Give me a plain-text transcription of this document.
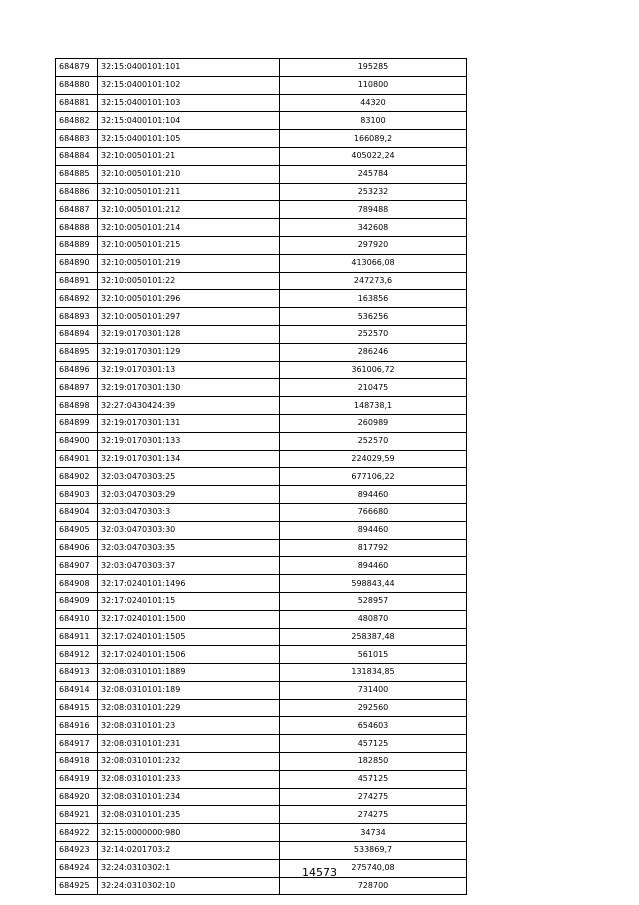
684879	32:15:0400101:101	195285
684880	32:15:0400101:102	110800
684881	32:15:0400101:103	44320
684882	32:15:0400101:104	83100
684883	32:15:0400101:105	166089,2
684884	32:10:0050101:21	405022,24
684885	32:10:0050101:210	245784
684886	32:10:0050101:211	253232
684887	32:10:0050101:212	789488
684888	32:10:0050101:214	342608
684889	32:10:0050101:215	297920
684890	32:10:0050101:219	413066,08
684891	32:10:0050101:22	247273,6
684892	32:10:0050101:296	163856
684893	32:10:0050101:297	536256
684894	32:19:0170301:128	252570
684895	32:19:0170301:129	286246
684896	32:19:0170301:13	361006,72
684897	32:19:0170301:130	210475
684898	32:27:0430424:39	148738,1
684899	32:19:0170301:131	260989
684900	32:19:0170301:133	252570
684901	32:19:0170301:134	224029,59
684902	32:03:0470303:25	677106,22
684903	32:03:0470303:29	894460
684904	32:03:0470303:3	766680
684905	32:03:0470303:30	894460
684906	32:03:0470303:35	817792
684907	32:03:0470303:37	894460
684908	32:17:0240101:1496	598843,44
684909	32:17:0240101:15	528957
684910	32:17:0240101:1500	480870
684911	32:17:0240101:1505	258387,48
684912	32:17:0240101:1506	561015
684913	32:08:0310101:1889	131834,85
684914	32:08:0310101:189	731400
684915	32:08:0310101:229	292560
684916	32:08:0310101:23	654603
684917	32:08:0310101:231	457125
684918	32:08:0310101:232	182850
684919	32:08:0310101:233	457125
684920	32:08:0310101:234	274275
684921	32:08:0310101:235	274275
684922	32:15:0000000:980	34734
684923	32:14:0201703:2	533869,7
684924	32:24:0310302:1	275740,08
684925	32:24:0310302:10	728700
14573
